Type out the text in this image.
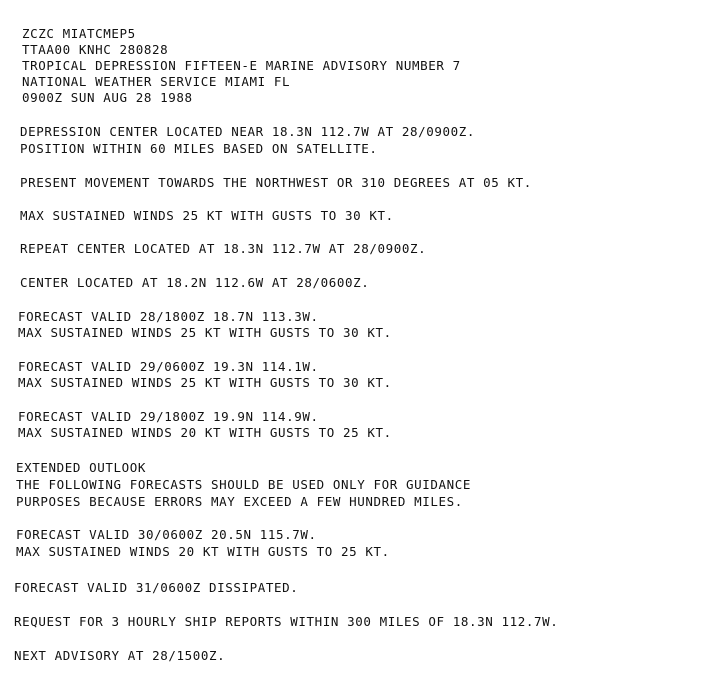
ZCZC MIATCMEP5

TTAA00 KNHC 280828

TROPICAL DEPRESSION FIFTEEN-E MARINE ADVISORY NUMBER 7

NATIONAL WEATHER SERVICE MIAMI FL

0900Z SUN AUG 28 1988

DEPRESSION CENTER LOCATED NEAR 18.3N 112.7W AT 28/0900Z.

POSITION WITHIN 60 MILES BASED ON SATELLITE.

PRESENT MOVEMENT TOWARDS THE NORTHWEST OR 310 DEGREES AT 05 KT.

MAX SUSTAINED WINDS 25 KT WITH GUSTS TO 30 KT.

REPEAT CENTER LOCATED AT 18.3N 112.7W AT 28/0900Z.

CENTER LOCATED AT 18.2N 112.6W AT 28/0600Z.

FORECAST VALID 28/1800Z 18.7N 113.3W.

MAX SUSTAINED WINDS 25 KT WITH GUSTS TO 30 KT.

FORECAST VALID 29/0600Z 19.3N 114.1W.

MAX SUSTAINED WINDS 25 KT WITH GUSTS TO 30 KT.

FORECAST VALID 29/1800Z 19.9N 114.9W.

MAX SUSTAINED WINDS 20 KT WITH GUSTS TO 25 KT.

EXTENDED OUTLOOK

THE FOLLOWING FORECASTS SHOULD BE USED ONLY FOR GUIDANCE

PURPOSES BECAUSE ERRORS MAY EXCEED A FEW HUNDRED MILES.

FORECAST VALID 30/0600Z 20.5N 115.7W.

MAX SUSTAINED WINDS 20 KT WITH GUSTS TO 25 KT.

FORECAST VALID 31/0600Z DISSIPATED.

REQUEST FOR 3 HOURLY SHIP REPORTS WITHIN 300 MILES OF 18.3N 112.7W.

NEXT ADVISORY AT 28/1500Z.
